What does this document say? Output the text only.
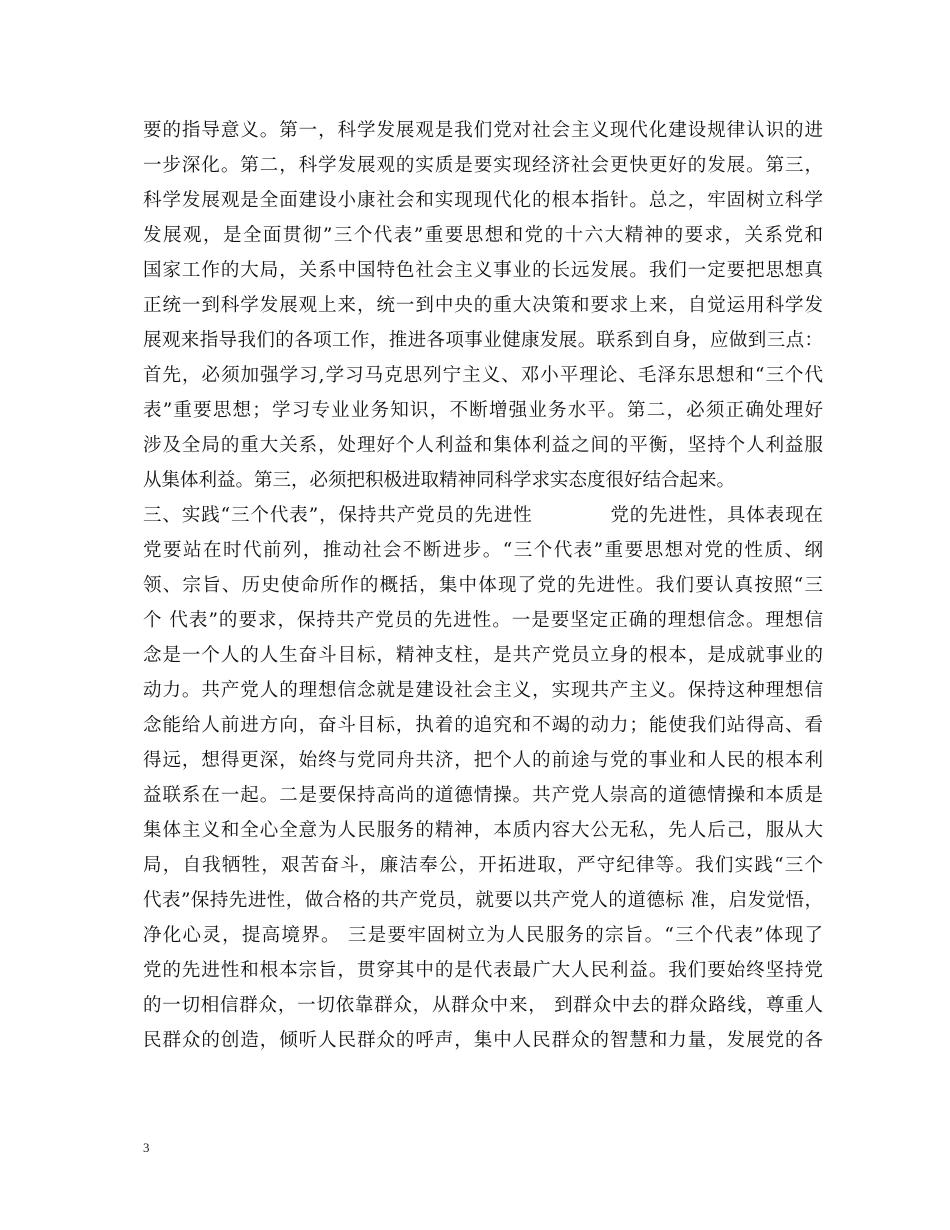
要的指导意义。第一，科学发展观是我们党对社会主义现代化建设规律认识的进
一步深化。第二，科学发展观的实质是要实现经济社会更快更好的发展。第三，
科学发展观是全面建设小康社会和实现现代化的根本指针。总之，牢固树立科学
发展观，是全面贯彻”三个代表”重要思想和党的十六大精神的要求，关系党和
国家工作的大局，关系中国特色社会主义事业的长远发展。我们一定要把思想真
正统一到科学发展观上来，统一到中央的重大决策和要求上来，自觉运用科学发
展观来指导我们的各项工作，推进各项事业健康发展。联系到自身，应做到三点：
首先，必须加强学习,学习马克思列宁主义、邓小平理论、毛泽东思想和“三个代
表”重要思想；学习专业业务知识，不断增强业务水平。第二，必须正确处理好
涉及全局的重大关系，处理好个人利益和集体利益之间的平衡，坚持个人利益服
从集体利益。第三，必须把积极进取精神同科学求实态度很好结合起来。
三、实践“三个代表”，保持共产党员的先进性　　　　党的先进性，具体表现在
党要站在时代前列，推动社会不断进步。“三个代表”重要思想对党的性质、纲
领、宗旨、历史使命所作的概括，集中体现了党的先进性。我们要认真按照“三
个 代表”的要求，保持共产党员的先进性。一是要坚定正确的理想信念。理想信
念是一个人的人生奋斗目标，精神支柱，是共产党员立身的根本，是成就事业的
动力。共产党人的理想信念就是建设社会主义，实现共产主义。保持这种理想信
念能给人前进方向，奋斗目标，执着的追究和不竭的动力；能使我们站得高、看
得远，想得更深，始终与党同舟共济，把个人的前途与党的事业和人民的根本利
益联系在一起。二是要保持高尚的道德情操。共产党人崇高的道德情操和本质是
集体主义和全心全意为人民服务的精神，本质内容大公无私，先人后己，服从大
局，自我牺牲，艰苦奋斗，廉洁奉公，开拓进取，严守纪律等。我们实践“三个
代表”保持先进性，做合格的共产党员，就要以共产党人的道德标 准，启发觉悟，
净化心灵，提高境界。 三是要牢固树立为人民服务的宗旨。“三个代表”体现了
党的先进性和根本宗旨，贯穿其中的是代表最广大人民利益。我们要始终坚持党
的一切相信群众，一切依靠群众，从群众中来， 到群众中去的群众路线，尊重人
民群众的创造，倾听人民群众的呼声，集中人民群众的智慧和力量，发展党的各
3
